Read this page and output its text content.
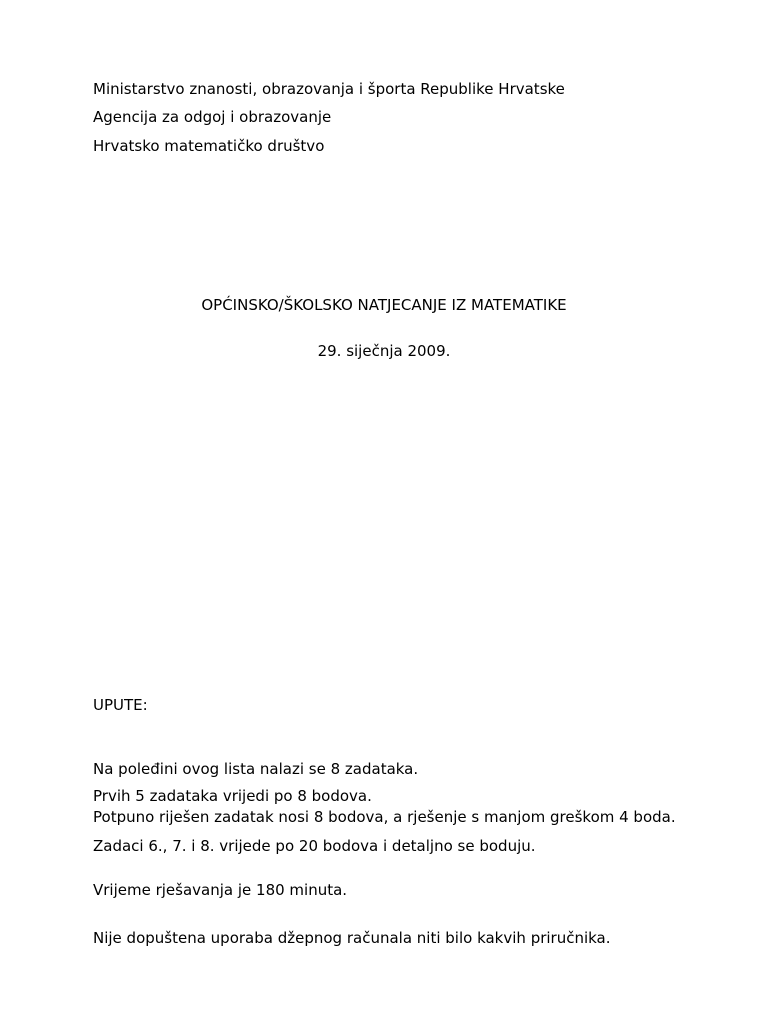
Ministarstvo znanosti, obrazovanja i športa Republike Hrvatske
Agencija za odgoj i obrazovanje
Hrvatsko matematičko društvo
OPĆINSKO/ŠKOLSKO NATJECANJE IZ MATEMATIKE
29. siječnja 2009.
UPUTE:
Na poleđini ovog lista nalazi se 8 zadataka.
Prvih 5 zadataka vrijedi po 8 bodova.
Potpuno riješen zadatak nosi 8 bodova, a rješenje s manjom greškom 4 boda.
Zadaci 6., 7. i 8. vrijede po 20 bodova i detaljno se boduju.
Vrijeme rješavanja je 180 minuta.
Nije dopuštena uporaba džepnog računala niti bilo kakvih priručnika.
